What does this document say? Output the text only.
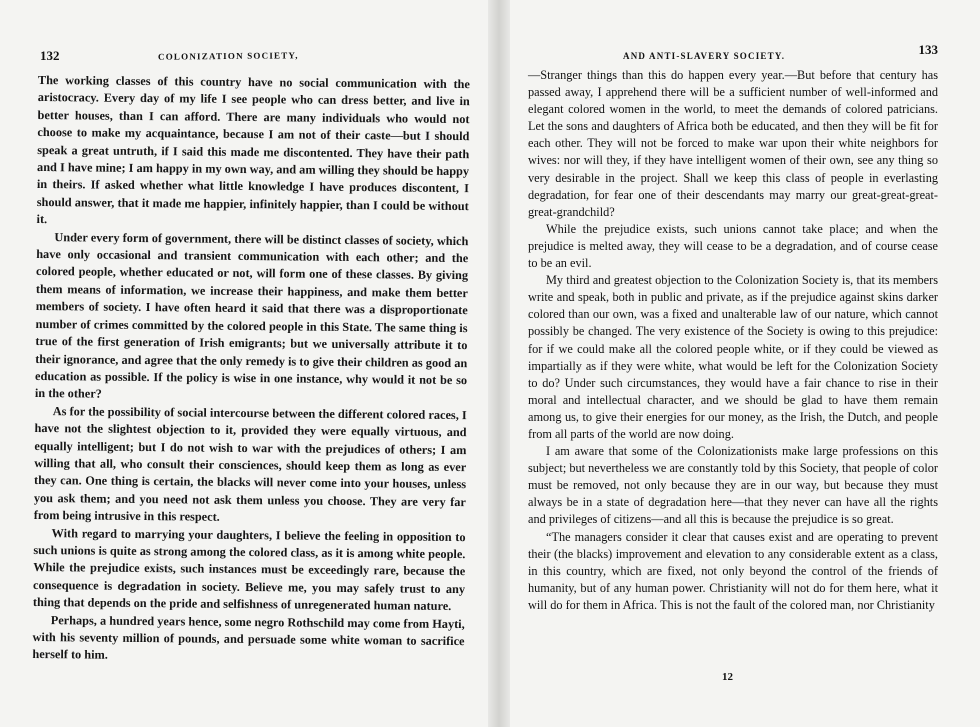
132	COLONIZATION SOCIETY,

The working classes of this country have no social communication with the aristocracy. Every day of my life I see people who can dress better, and live in better houses, than I can afford. There are many individuals who would not choose to make my acquaintance, because I am not of their caste—but I should speak a great untruth, if I said this made me discontented. They have their path and I have mine; I am happy in my own way, and am willing they should be happy in theirs. If asked whether what little knowledge I have produces discontent, I should answer, that it made me happier, infinitely happier, than I could be without it.

Under every form of government, there will be distinct classes of society, which have only occasional and transient communication with each other; and the colored people, whether educated or not, will form one of these classes. By giving them means of information, we increase their happiness, and make them better members of society. I have often heard it said that there was a disproportionate number of crimes committed by the colored people in this State. The same thing is true of the first generation of Irish emigrants; but we universally attribute it to their ignorance, and agree that the only remedy is to give their children as good an education as possible. If the policy is wise in one instance, why would it not be so in the other?

As for the possibility of social intercourse between the different colored races, I have not the slightest objection to it, provided they were equally virtuous, and equally intelligent; but I do not wish to war with the prejudices of others; I am willing that all, who consult their consciences, should keep them as long as ever they can. One thing is certain, the blacks will never come into your houses, unless you ask them; and you need not ask them unless you choose. They are very far from being intrusive in this respect.

With regard to marrying your daughters, I believe the feeling in opposition to such unions is quite as strong among the colored class, as it is among white people. While the prejudice exists, such instances must be exceedingly rare, because the consequence is degradation in society. Believe me, you may safely trust to any thing that depends on the pride and selfishness of unregenerated human nature.

Perhaps, a hundred years hence, some negro Rothschild may come from Hayti, with his seventy million of pounds, and persuade some white woman to sacrifice herself to him.

AND ANTI-SLAVERY SOCIETY.	133

—Stranger things than this do happen every year.—But before that century has passed away, I apprehend there will be a sufficient number of well-informed and elegant colored women in the world, to meet the demands of colored patricians. Let the sons and daughters of Africa both be educated, and then they will be fit for each other. They will not be forced to make war upon their white neighbors for wives: nor will they, if they have intelligent women of their own, see any thing so very desirable in the project. Shall we keep this class of people in everlasting degradation, for fear one of their descendants may marry our great-great-great-great-grandchild?

While the prejudice exists, such unions cannot take place; and when the prejudice is melted away, they will cease to be a degradation, and of course cease to be an evil.

My third and greatest objection to the Colonization Society is, that its members write and speak, both in public and private, as if the prejudice against skins darker colored than our own, was a fixed and unalterable law of our nature, which cannot possibly be changed. The very existence of the Society is owing to this prejudice: for if we could make all the colored people white, or if they could be viewed as impartially as if they were white, what would be left for the Colonization Society to do? Under such circumstances, they would have a fair chance to rise in their moral and intellectual character, and we should be glad to have them remain among us, to give their energies for our money, as the Irish, the Dutch, and people from all parts of the world are now doing.

I am aware that some of the Colonizationists make large professions on this subject; but nevertheless we are constantly told by this Society, that people of color must be removed, not only because they are in our way, but because they must always be in a state of degradation here—that they never can have all the rights and privileges of citizens—and all this is because the prejudice is so great.

“The managers consider it clear that causes exist and are operating to prevent their (the blacks) improvement and elevation to any considerable extent as a class, in this country, which are fixed, not only beyond the control of the friends of humanity, but of any human power. Christianity will not do for them here, what it will do for them in Africa. This is not the fault of the colored man, nor Christianity

12
